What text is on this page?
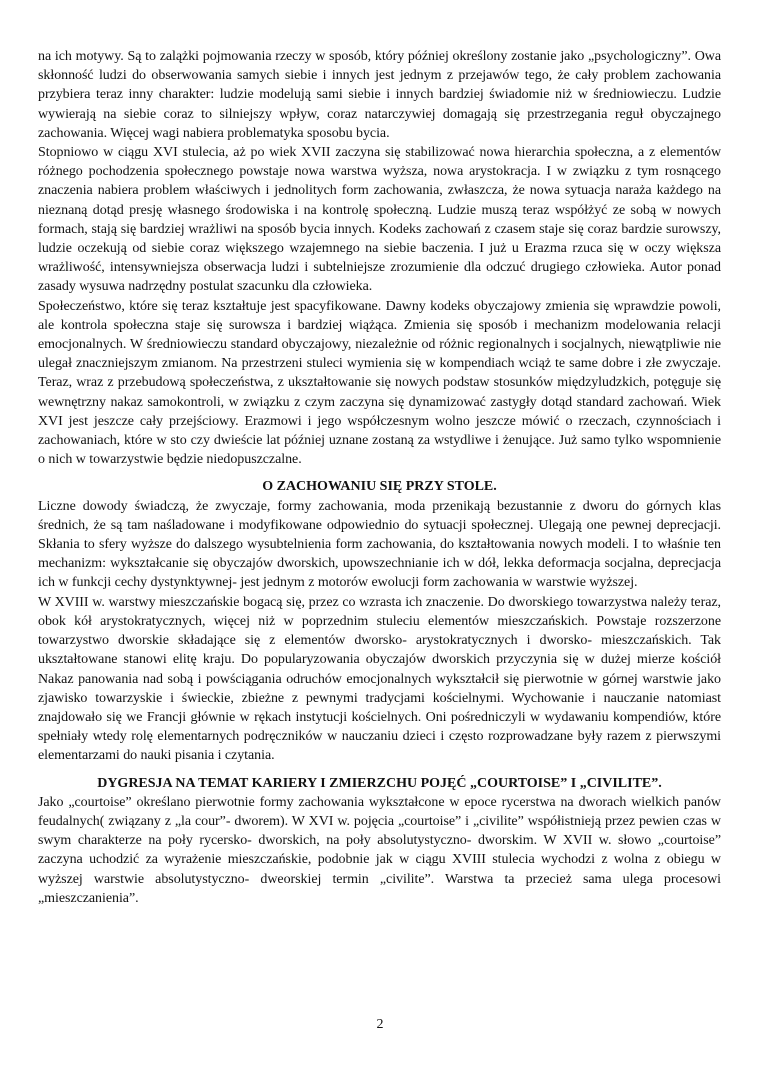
na ich motywy. Są to zalążki pojmowania rzeczy w sposób, który później określony zostanie jako „psychologiczny”. Owa skłonność ludzi do obserwowania samych siebie i innych jest jednym z przejawów tego, że cały problem zachowania przybiera teraz inny charakter: ludzie modelują sami siebie i innych bardziej świadomie niż w średniowieczu. Ludzie wywierają na siebie coraz to silniejszy wpływ, coraz natarczywiej domagają się przestrzegania reguł obyczajnego zachowania. Więcej wagi nabiera problematyka sposobu bycia.

Stopniowo w ciągu XVI stulecia, aż po wiek XVII zaczyna się stabilizować nowa hierarchia społeczna, a z elementów różnego pochodzenia społecznego powstaje nowa warstwa wyższa, nowa arystokracja. I w związku z tym rosnącego znaczenia nabiera problem właściwych i jednolitych form zachowania, zwłaszcza, że nowa sytuacja naraża każdego na nieznaną dotąd presję własnego środowiska i na kontrolę społeczną. Ludzie muszą teraz współżyć ze sobą w nowych formach, stają się bardziej wrażliwi na sposób bycia innych. Kodeks zachowań z czasem staje się coraz bardzie surowszy, ludzie oczekują od siebie coraz większego wzajemnego na siebie baczenia. I już u Erazma rzuca się w oczy większa wrażliwość, intensywniejsza obserwacja ludzi i subtelniejsze zrozumienie dla odczuć drugiego człowieka. Autor ponad zasady wysuwa nadrzędny postulat szacunku dla człowieka.

Społeczeństwo, które się teraz kształtuje jest spacyfikowane. Dawny kodeks obyczajowy zmienia się wprawdzie powoli, ale kontrola społeczna staje się surowsza i bardziej wiążąca. Zmienia się sposób i mechanizm modelowania relacji emocjonalnych. W średniowieczu standard obyczajowy, niezależnie od różnic regionalnych i socjalnych, niewątpliwie nie ulegał znaczniejszym zmianom. Na przestrzeni stuleci wymienia się w kompendiach wciąż te same dobre i złe zwyczaje. Teraz, wraz z przebudową społeczeństwa, z ukształtowanie się nowych podstaw stosunków międzyludzkich, potęguje się wewnętrzny nakaz samokontroli, w związku z czym zaczyna się dynamizować zastygły dotąd standard zachowań. Wiek XVI jest jeszcze cały przejściowy. Erazmowi i jego współczesnym wolno jeszcze mówić o rzeczach, czynnościach i zachowaniach, które w sto czy dwieście lat później uznane zostaną za wstydliwe i żenujące. Już samo tylko wspomnienie o nich w towarzystwie będzie niedopuszczalne.

O ZACHOWANIU SIĘ PRZY STOLE.

Liczne dowody świadczą, że zwyczaje, formy zachowania, moda przenikają bezustannie z dworu do górnych klas średnich, że są tam naśladowane i modyfikowane odpowiednio do sytuacji społecznej. Ulegają one pewnej deprecjacji. Skłania to sfery wyższe do dalszego wysubtelnienia form zachowania, do kształtowania nowych modeli. I to właśnie ten mechanizm: wykształcanie się obyczajów dworskich, upowszechnianie ich w dół, lekka deformacja socjalna, deprecjacja ich w funkcji cechy dystynktywnej- jest jednym z motorów ewolucji form zachowania w warstwie wyższej.

W XVIII w. warstwy mieszczańskie bogacą się, przez co wzrasta ich znaczenie. Do dworskiego towarzystwa należy teraz, obok kół arystokratycznych, więcej niż w poprzednim stuleciu elementów mieszczańskich. Powstaje rozszerzone towarzystwo dworskie składające się z elementów dworsko- arystokratycznych i dworsko- mieszczańskich. Tak ukształtowane stanowi elitę kraju. Do popularyzowania obyczajów dworskich przyczynia się w dużej mierze kościół Nakaz panowania nad sobą i powściągania odruchów emocjonalnych wykształcił się pierwotnie w górnej warstwie jako zjawisko towarzyskie i świeckie, zbieżne z pewnymi tradycjami kościelnymi. Wychowanie i nauczanie natomiast znajdowało się we Francji głównie w rękach instytucji kościelnych. Oni pośredniczyli w wydawaniu kompendiów, które spełniały wtedy rolę elementarnych podręczników w nauczaniu dzieci i często rozprowadzane były razem z pierwszymi elementarzami do nauki pisania i czytania.

DYGRESJA NA TEMAT KARIERY I ZMIERZCHU POJĘĆ „COURTOISE” I „CIVILITE”.

Jako „courtoise” określano pierwotnie formy zachowania wykształcone w epoce rycerstwa na dworach wielkich panów feudalnych( związany z „la cour”- dworem). W XVI w. pojęcia „courtoise” i „civilite” współistnieją przez pewien czas w swym charakterze na poły rycersko- dworskich, na poły absolutystyczno- dworskim. W XVII w. słowo „courtoise” zaczyna uchodzić za wyrażenie mieszczańskie, podobnie jak w ciągu XVIII stulecia wychodzi z wolna z obiegu w wyższej warstwie absolutystyczno- dweorskiej termin „civilite”. Warstwa ta przecież sama ulega procesowi „mieszczanienia”.

2
